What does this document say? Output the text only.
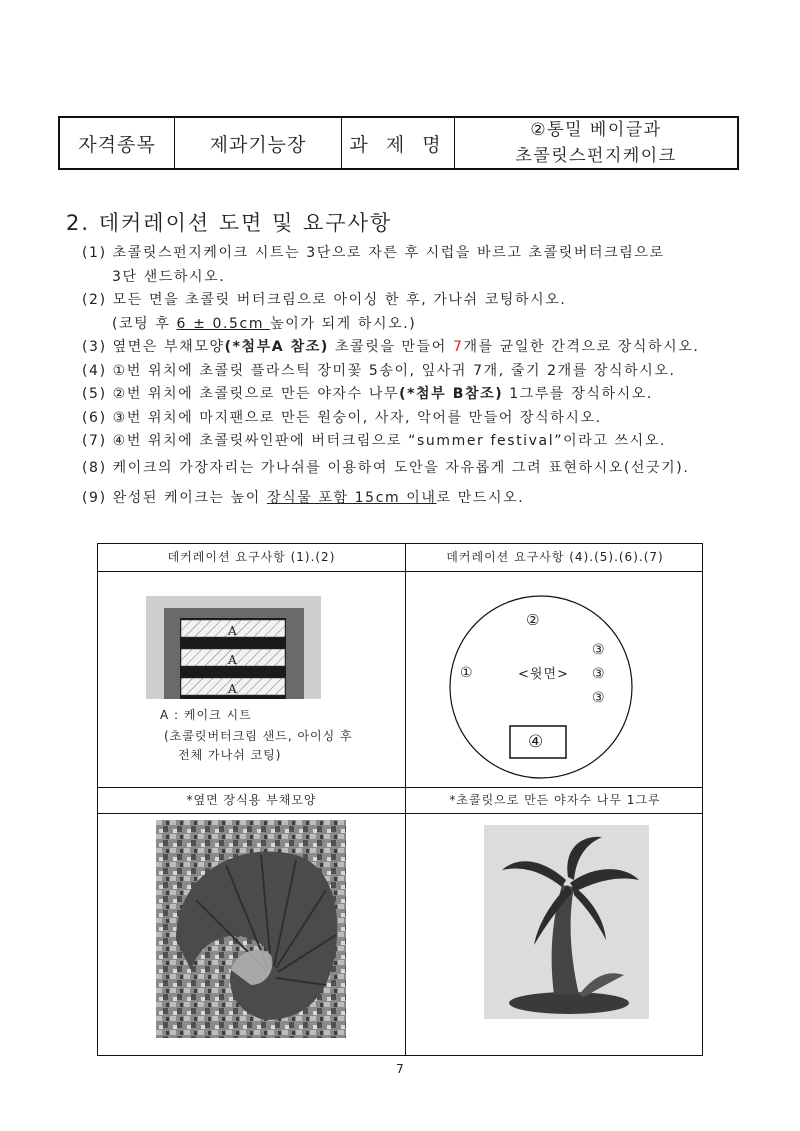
자격종목	제과기능장	과 제 명
②통밀 베이글과
초콜릿스펀지케이크
2. 데커레이션 도면 및 요구사항
(1) 초콜릿스펀지케이크 시트는 3단으로 자른 후 시럽을 바르고 초콜릿버터크림으로
3단 샌드하시오.
(2) 모든 면을 초콜릿 버터크림으로 아이싱 한 후, 가나쉬 코팅하시오.
(코팅 후 6 ± 0.5cm 높이가 되게 하시오.)
(3) 옆면은 부채모양(*첨부A 참조) 초콜릿을 만들어 7개를 균일한 간격으로 장식하시오.
(4) ①번 위치에 초콜릿 플라스틱 장미꽃 5송이, 잎사귀 7개, 줄기 2개를 장식하시오.
(5) ②번 위치에 초콜릿으로 만든 야자수 나무(*첨부 B참조) 1그루를 장식하시오.
(6) ③번 위치에 마지팬으로 만든 원숭이, 사자, 악어를 만들어 장식하시오.
(7) ④번 위치에 초콜릿싸인판에 버터크림으로 “summer festival”이라고 쓰시오.
(8) 케이크의 가장자리는 가나쉬를 이용하여 도안을 자유롭게 그려 표현하시오(선긋기).
(9) 완성된 케이크는 높이 장식물 포함 15cm 이내로 만드시오.
데커레이션 요구사항 (1).(2)	데커레이션 요구사항 (4).(5).(6).(7)
A
A
A
A : 케이크 시트
(초콜릿버터크림 샌드, 아이싱 후
전체 가나쉬 코팅)
②
③
③
③
①	<윗면>
④
*옆면 장식용 부채모양	*초콜릿으로 만든 야자수 나무 1그루
7
